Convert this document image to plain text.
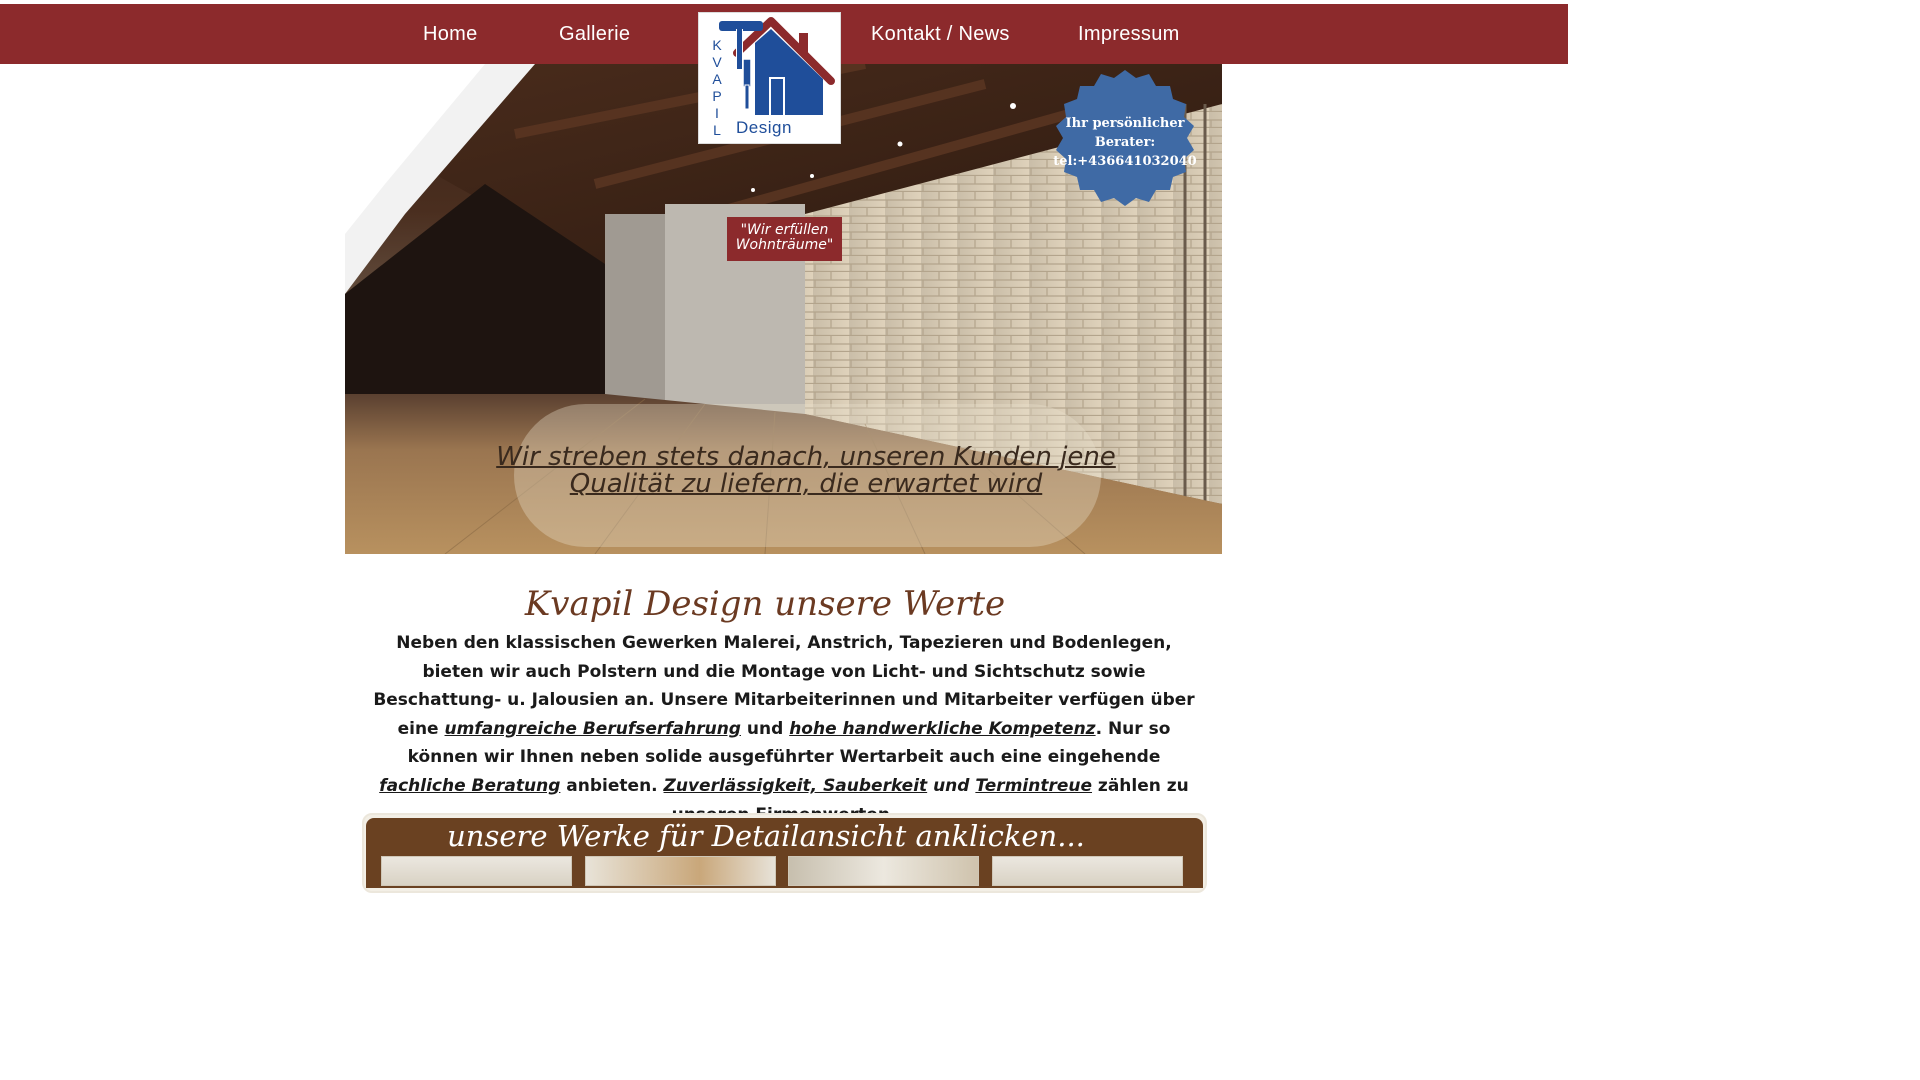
Home	Gallerie	Kontakt / News	Impressum
K
V
A
P
I
L Design
"Wir erfüllen Wohnträume"
Ihr persönlicher Berater: tel:+436641032040
Wir streben stets danach, unseren Kunden jene Qualität zu liefern, die erwartet wird
Kvapil Design unsere Werte
Neben den klassischen Gewerken Malerei, Anstrich, Tapezieren und Bodenlegen, bieten wir auch Polstern und die Montage von Licht- und Sichtschutz sowie Beschattung- u. Jalousien an. Unsere Mitarbeiterinnen und Mitarbeiter verfügen über eine umfangreiche Berufserfahrung und hohe handwerkliche Kompetenz. Nur so können wir Ihnen neben solide ausgeführter Wertarbeit auch eine eingehende fachliche Beratung anbieten. Zuverlässigkeit, Sauberkeit und Termintreue zählen zu
unsere Werke für Detailansicht anklicken...
